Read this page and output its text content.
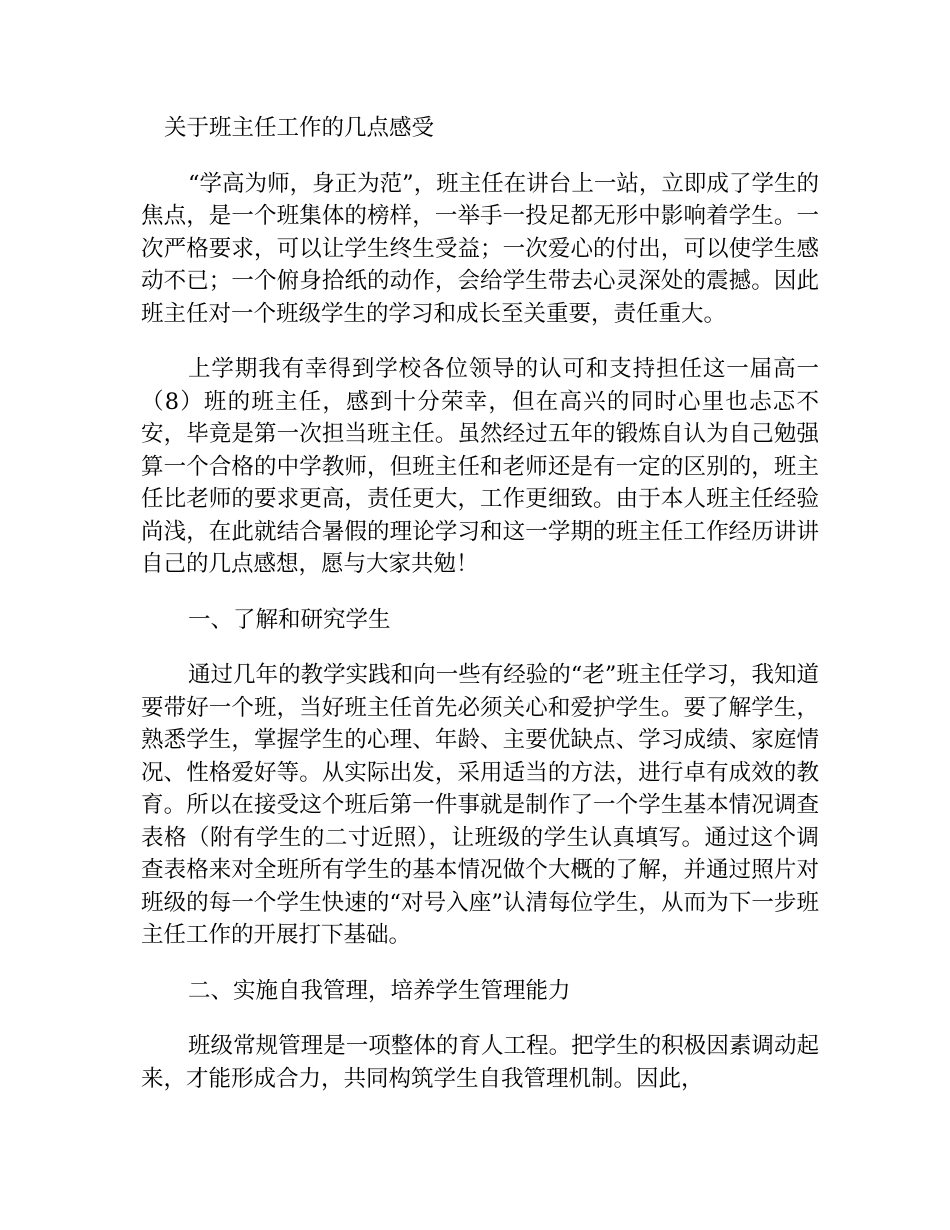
关于班主任工作的几点感受

“学高为师，身正为范”，班主任在讲台上一站，立即成了学生的焦点，是一个班集体的榜样，一举手一投足都无形中影响着学生。一次严格要求，可以让学生终生受益；一次爱心的付出，可以使学生感动不已；一个俯身拾纸的动作，会给学生带去心灵深处的震撼。因此班主任对一个班级学生的学习和成长至关重要，责任重大。

上学期我有幸得到学校各位领导的认可和支持担任这一届高一（8）班的班主任，感到十分荣幸，但在高兴的同时心里也忐忑不安，毕竟是第一次担当班主任。虽然经过五年的锻炼自认为自己勉强算一个合格的中学教师，但班主任和老师还是有一定的区别的，班主任比老师的要求更高，责任更大，工作更细致。由于本人班主任经验尚浅，在此就结合暑假的理论学习和这一学期的班主任工作经历讲讲自己的几点感想，愿与大家共勉！

一、了解和研究学生

通过几年的教学实践和向一些有经验的“老”班主任学习，我知道要带好一个班，当好班主任首先必须关心和爱护学生。要了解学生，熟悉学生，掌握学生的心理、年龄、主要优缺点、学习成绩、家庭情况、性格爱好等。从实际出发，采用适当的方法，进行卓有成效的教育。所以在接受这个班后第一件事就是制作了一个学生基本情况调查表格（附有学生的二寸近照），让班级的学生认真填写。通过这个调查表格来对全班所有学生的基本情况做个大概的了解，并通过照片对班级的每一个学生快速的“对号入座”认清每位学生，从而为下一步班主任工作的开展打下基础。

二、实施自我管理，培养学生管理能力

班级常规管理是一项整体的育人工程。把学生的积极因素调动起来，才能形成合力，共同构筑学生自我管理机制。因此，
